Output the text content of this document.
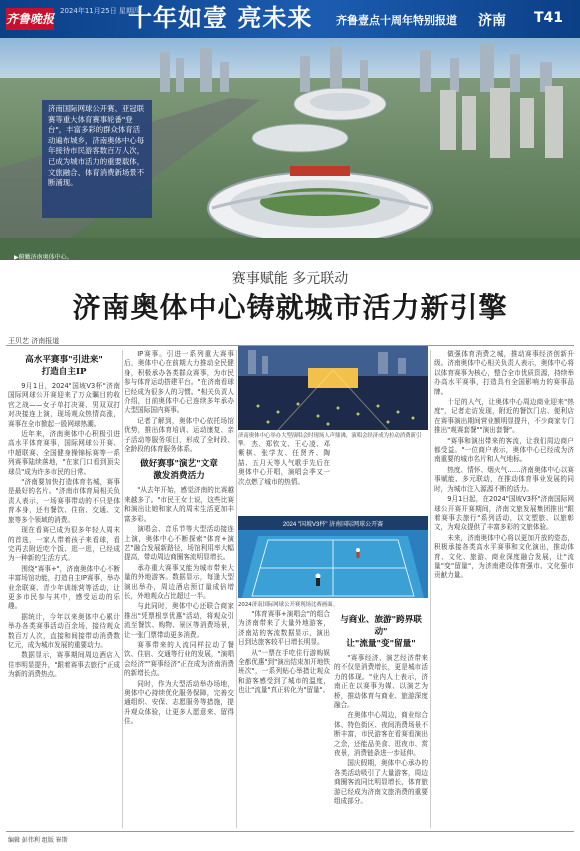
齐鲁晚报
2024年11月25日 星期四
十年如壹 亮未来 齐鲁壹点十周年特别报道 济南 T41
济南国际网球公开赛、亚冠联赛等重大体育赛事轮番"登台"，丰富多彩的群众体育活动遍布城乡，济南奥体中心每年接待市民游客数百万人次，已成为城市活力的重要载体，文旅融合、体育消费新场景不断涌现。
▶俯瞰济南奥体中心。
赛事赋能 多元联动
济南奥体中心铸就城市活力新引擎
王贝艺 济南报道
高水平赛事"引进来"
打造自主IP

9月1日，2024"国坡V3杯"济南国际网球公开赛迎来了万众瞩目的收官之战——女子单打决赛、男双双打对决接连上演，现场观众热情高涨，赛事在全市掀起一股网球热潮。

近年来，济南奥体中心积极引进高水平体育赛事，国际网球公开赛、中超联赛、全国健身操锦标赛等一系列赛事陆续落地，"在家门口看到顶尖球员"成为许多市民的日常。

"济南要加快打造体育名城，赛事是最好的名片。"济南市体育局相关负责人表示，一场赛事带动的不只是体育本身，还有餐饮、住宿、交通、文旅等多个领域的消费。

现在看赛已成为很多年轻人周末的首选，一家人带着孩子来看球，看完再去附近吃个饭、逛一逛，已经成为一种新的生活方式。

围绕"赛事+"，济南奥体中心不断丰富场馆功能，打造自主IP赛事，举办业余联赛、青少年训练营等活动，让更多市民参与其中，感受运动的乐趣。

据统计，今年以来奥体中心累计举办各类赛事活动百余场，接待观众数百万人次，直接和间接带动消费数亿元，成为城市发展的重要动力。

数据显示，赛事期间周边酒店入住率明显提升，"跟着赛事去旅行"正成为新的消费热点。

IP赛事。引进一系列重大赛事后，奥体中心在前期大力推动全民健身，积极承办各类群众赛事，为市民参与体育运动搭建平台。"在济南看球已经成为很多人的习惯。"相关负责人介绍，目前奥体中心已连续多年承办大型国际国内赛事。

记者了解到，奥体中心依托场馆优势，推出体育培训、运动康复、亲子活动等服务项目，形成了全时段、全龄段的体育服务体系。

做好赛事"演艺"文章
激发消费活力

"从去年开始，感觉济南的比赛越来越多了。"市民王女士说，这些比赛和演出让她和家人的周末生活更加丰富多彩。

演唱会、音乐节等大型活动接连上演，奥体中心不断探索"体育+演艺"融合发展新路径，场馆利用率大幅提高，带动周边商圈客流明显增长。

承办重大赛事又能为城市带来大量的外地游客。数据显示，每逢大型演出举办，周边酒店预订量成倍增长，外地观众占比超过一半。

与此同时，奥体中心还联合商家推出"凭票根享优惠"活动，将观众引流至餐饮、购物、景区等消费场景，让一张门票带动更多消费。

赛事带来的人流同样拉动了餐饮、住宿、交通等行业的发展，"演唱会经济""赛事经济"正在成为济南消费的新增长点。

同时，作为大型活动举办场地，奥体中心持续优化服务保障，完善交通组织、安保、志愿服务等措施，提升观众体验，让更多人愿意来、留得住。

济南奥体中心举办大型演唱会时现场人声鼎沸，演唱会经济成为拉动消费新引擎。
2024 "国坡V3杯" 济南国际网球公开赛
2024济南国际网球公开赛现场比赛画面。

杰、郑钦文、王心凌、邓紫棋、张学友、任贤齐、陶喆、五月天等人气歌手先后在奥体中心开唱，演唱会季又一次点燃了城市的热情。

"体育赛事+演唱会"的组合为济南带来了大量外地游客，济南站的客流数据显示，演出日到达旅客较平日增长明显。

从"一票在手吃住行游购娱全都优惠"到"演出结束加开地铁班次"，一系列贴心举措让观众和游客感受到了城市的温度，也让"流量"真正转化为"留量"。

与商业、旅游"跨界联动"
让"流量"变"留量"

"赛事经济、演艺经济带来的不仅是消费增长，更是城市活力的体现。"业内人士表示，济南正在以赛事为媒、以演艺为桥，推动体育与商业、旅游深度融合。

在奥体中心周边，商业综合体、特色街区、夜间消费场景不断丰富，市民游客在看赛看演出之余，还能品美食、逛夜市、赏夜景，消费链条进一步延伸。

国庆假期，奥体中心承办的各类活动吸引了大量游客，周边商圈客流同比明显增长，体育旅游已经成为济南文旅消费的重要组成部分。

做强体育消费之城，推动赛事经济创新升级。济南奥体中心相关负责人表示，奥体中心将以体育赛事为核心，整合全市优质资源，持续举办高水平赛事，打造具有全国影响力的赛事品牌。

十足的人气，让奥体中心周边商业迎来"热度"，记者走访发现，附近的餐饮门店、便利店在赛事演出期间营业额明显提升，不少商家专门推出"观赛套餐""演出套餐"。

"赛事和演出带来的客流，让我们周边商户都受益。"一位商户表示，奥体中心已经成为济南重要的城市名片和人气地标。

热度、情怀、烟火气……济南奥体中心以赛事赋能、多元联动，在推动体育事业发展的同时，为城市注入源源不断的活力。

9月1日起，在2024"国坡V3杯"济南国际网球公开赛开赛期间，济南文旅发展集团推出"跟着赛事去旅行"系列活动，以文塑旅、以旅彰文，为观众提供了丰富多彩的文旅体验。

未来，济南奥体中心将以更加开放的姿态，积极承接各类高水平赛事和文化演出，推动体育、文化、旅游、商业深度融合发展，让"流量"变"留量"，为济南建设体育强市、文化强市贡献力量。

编辑 彭伟利 组版 崔斯
